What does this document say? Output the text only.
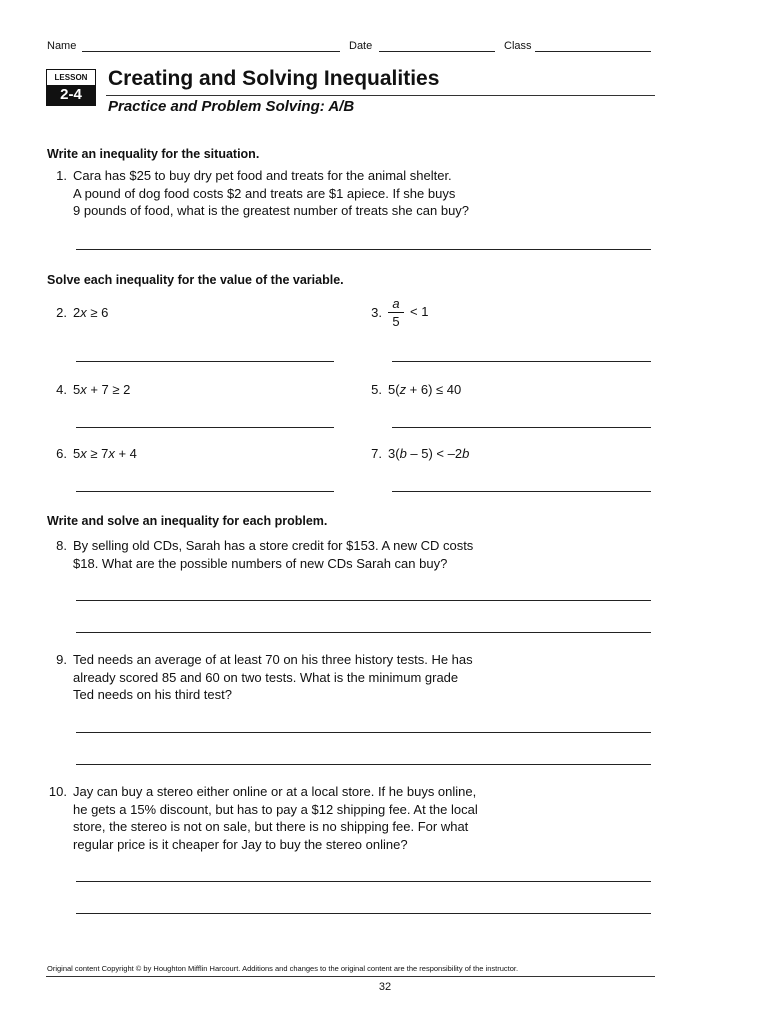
Name	Date	Class
LESSON
2-4
Creating and Solving Inequalities
Practice and Problem Solving: A/B
Write an inequality for the situation.
1. Cara has $25 to buy dry pet food and treats for the animal shelter.
A pound of dog food costs $2 and treats are $1 apiece. If she buys
9 pounds of food, what is the greatest number of treats she can buy?
Solve each inequality for the value of the variable.
2. 2x ≥ 6	3.
a
5
< 1
4. 5x + 7 ≥ 2	5. 5(z + 6) ≤ 40
6. 5x ≥ 7x + 4	7. 3(b – 5) < –2b
Write and solve an inequality for each problem.
8. By selling old CDs, Sarah has a store credit for $153. A new CD costs
$18. What are the possible numbers of new CDs Sarah can buy?
9. Ted needs an average of at least 70 on his three history tests. He has
already scored 85 and 60 on two tests. What is the minimum grade
Ted needs on his third test?
10. Jay can buy a stereo either online or at a local store. If he buys online,
he gets a 15% discount, but has to pay a $12 shipping fee. At the local
store, the stereo is not on sale, but there is no shipping fee. For what
regular price is it cheaper for Jay to buy the stereo online?
Original content Copyright © by Houghton Mifflin Harcourt. Additions and changes to the original content are the responsibility of the instructor.
32
